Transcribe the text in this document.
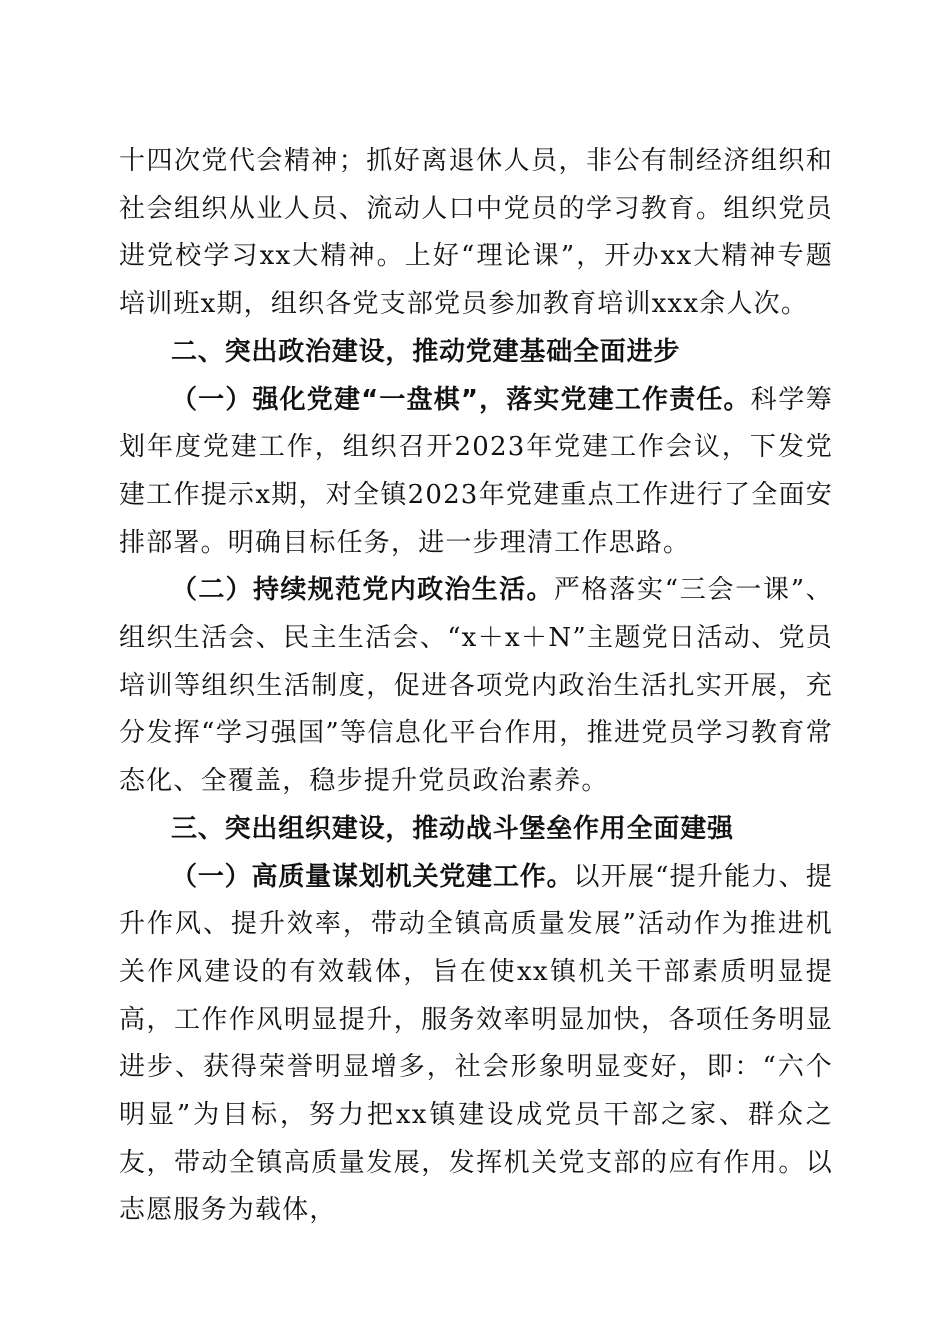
十四次党代会精神；抓好离退休人员，非公有制经济组织和社会组织从业人员、流动人口中党员的学习教育。组织党员进党校学习xx大精神。上好“理论课”，开办xx大精神专题培训班x期，组织各党支部党员参加教育培训xxx余人次。

二、突出政治建设，推动党建基础全面进步

（一）强化党建“一盘棋”，落实党建工作责任。科学筹划年度党建工作，组织召开2023年党建工作会议，下发党建工作提示x期，对全镇2023年党建重点工作进行了全面安排部署。明确目标任务，进一步理清工作思路。

（二）持续规范党内政治生活。严格落实“三会一课”、组织生活会、民主生活会、“x＋x＋N”主题党日活动、党员培训等组织生活制度，促进各项党内政治生活扎实开展，充分发挥“学习强国”等信息化平台作用，推进党员学习教育常态化、全覆盖，稳步提升党员政治素养。

三、突出组织建设，推动战斗堡垒作用全面建强

（一）高质量谋划机关党建工作。以开展“提升能力、提升作风、提升效率，带动全镇高质量发展”活动作为推进机关作风建设的有效载体，旨在使xx镇机关干部素质明显提高，工作作风明显提升，服务效率明显加快，各项任务明显进步、获得荣誉明显增多，社会形象明显变好，即：“六个明显”为目标，努力把xx镇建设成党员干部之家、群众之友，带动全镇高质量发展，发挥机关党支部的应有作用。以志愿服务为载体，
